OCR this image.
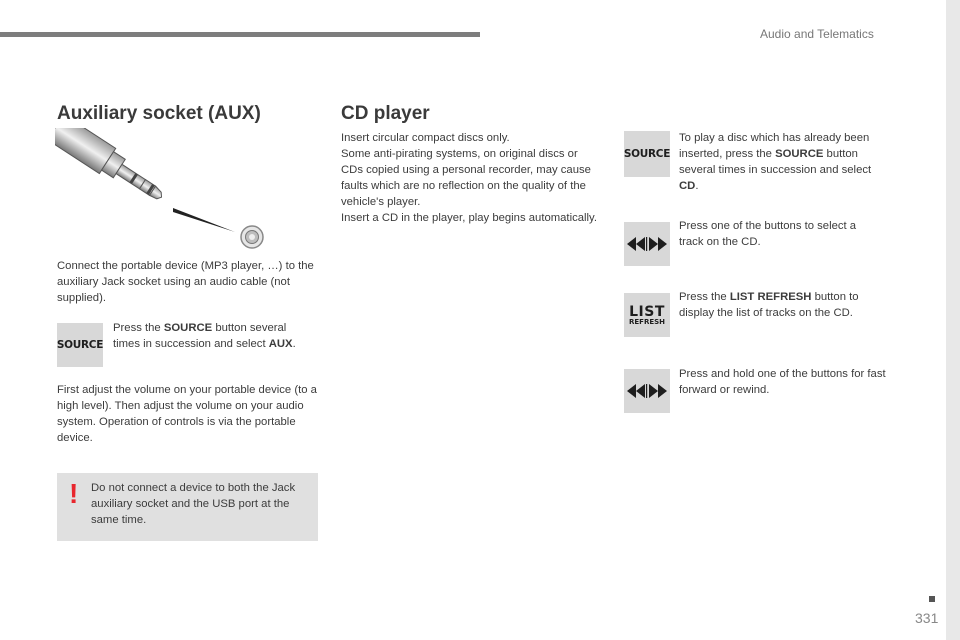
Audio and Telematics
Auxiliary socket (AUX)

Connect the portable device (MP3 player, …) to the auxiliary Jack socket using an audio cable (not supplied).

SOURCE

Press the SOURCE button several times in succession and select AUX.

First adjust the volume on your portable device (to a high level). Then adjust the volume on your audio system. Operation of controls is via the portable device.

! Do not connect a device to both the Jack auxiliary socket and the USB port at the same time.

CD player

Insert circular compact discs only.
Some anti-pirating systems, on original discs or CDs copied using a personal recorder, may cause faults which are no reflection on the quality of the vehicle's player.
Insert a CD in the player, play begins automatically.

SOURCE

To play a disc which has already been inserted, press the SOURCE button several times in succession and select CD.

Press one of the buttons to select a track on the CD.

LIST
REFRESH

Press the LIST REFRESH button to display the list of tracks on the CD.

Press and hold one of the buttons for fast forward or rewind.

331
